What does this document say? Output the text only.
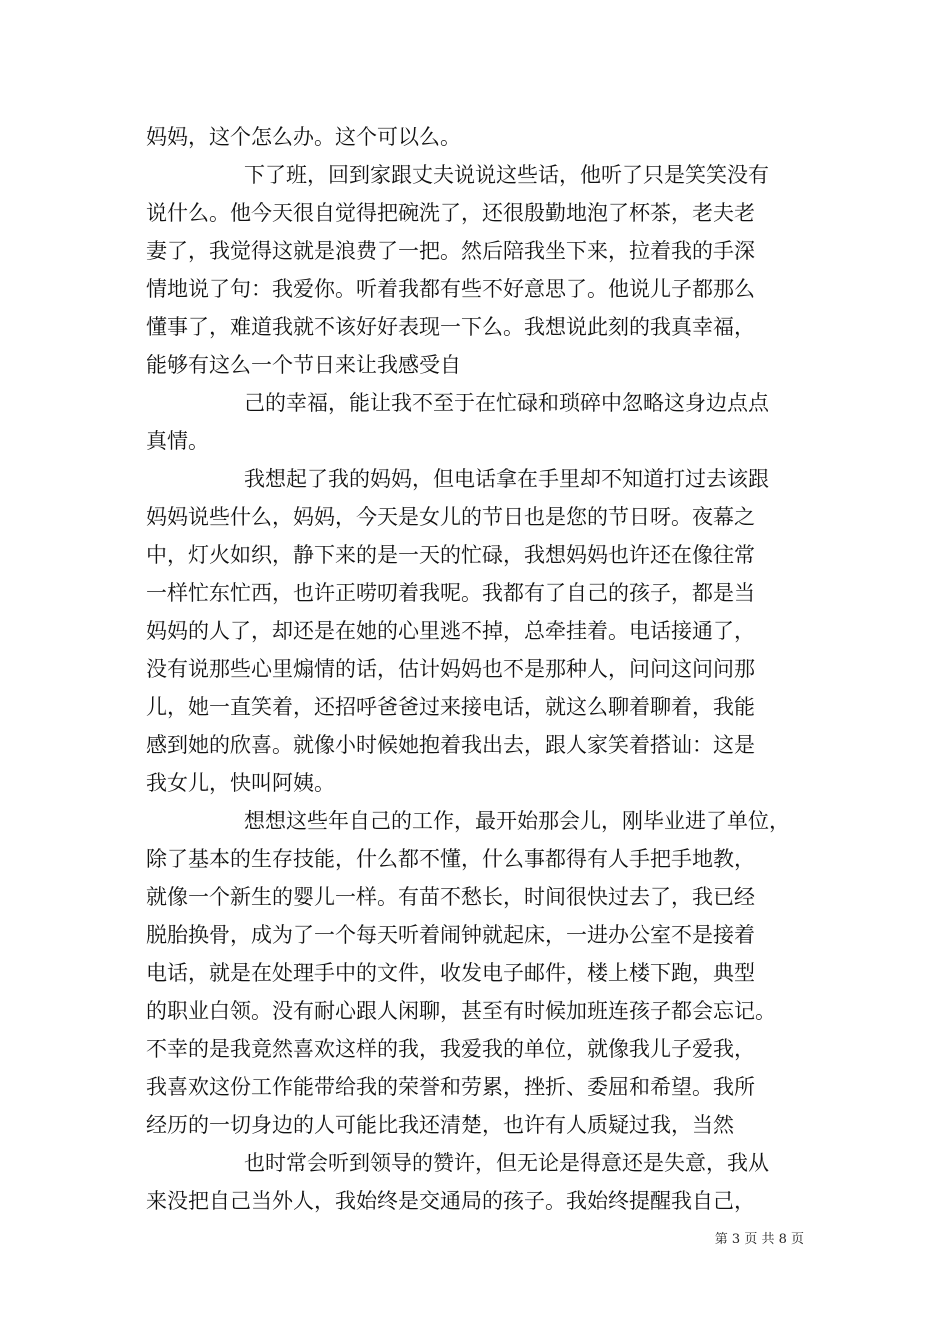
妈妈，这个怎么办。这个可以么。
下了班，回到家跟丈夫说说这些话，他听了只是笑笑没有
说什么。他今天很自觉得把碗洗了，还很殷勤地泡了杯茶，老夫老
妻了，我觉得这就是浪费了一把。然后陪我坐下来，拉着我的手深
情地说了句：我爱你。听着我都有些不好意思了。他说儿子都那么
懂事了，难道我就不该好好表现一下么。我想说此刻的我真幸福，
能够有这么一个节日来让我感受自
己的幸福，能让我不至于在忙碌和琐碎中忽略这身边点点
真情。
我想起了我的妈妈，但电话拿在手里却不知道打过去该跟
妈妈说些什么，妈妈，今天是女儿的节日也是您的节日呀。夜幕之
中，灯火如织，静下来的是一天的忙碌，我想妈妈也许还在像往常
一样忙东忙西，也许正唠叨着我呢。我都有了自己的孩子，都是当
妈妈的人了，却还是在她的心里逃不掉，总牵挂着。电话接通了，
没有说那些心里煽情的话，估计妈妈也不是那种人，问问这问问那
儿，她一直笑着，还招呼爸爸过来接电话，就这么聊着聊着，我能
感到她的欣喜。就像小时候她抱着我出去，跟人家笑着搭讪：这是
我女儿，快叫阿姨。
想想这些年自己的工作，最开始那会儿，刚毕业进了单位，
除了基本的生存技能，什么都不懂，什么事都得有人手把手地教，
就像一个新生的婴儿一样。有苗不愁长，时间很快过去了，我已经
脱胎换骨，成为了一个每天听着闹钟就起床，一进办公室不是接着
电话，就是在处理手中的文件，收发电子邮件，楼上楼下跑，典型
的职业白领。没有耐心跟人闲聊，甚至有时候加班连孩子都会忘记。
不幸的是我竟然喜欢这样的我，我爱我的单位，就像我儿子爱我，
我喜欢这份工作能带给我的荣誉和劳累，挫折、委屈和希望。我所
经历的一切身边的人可能比我还清楚，也许有人质疑过我，当然
也时常会听到领导的赞许，但无论是得意还是失意，我从
来没把自己当外人，我始终是交通局的孩子。我始终提醒我自己，
第 3 页 共 8 页
